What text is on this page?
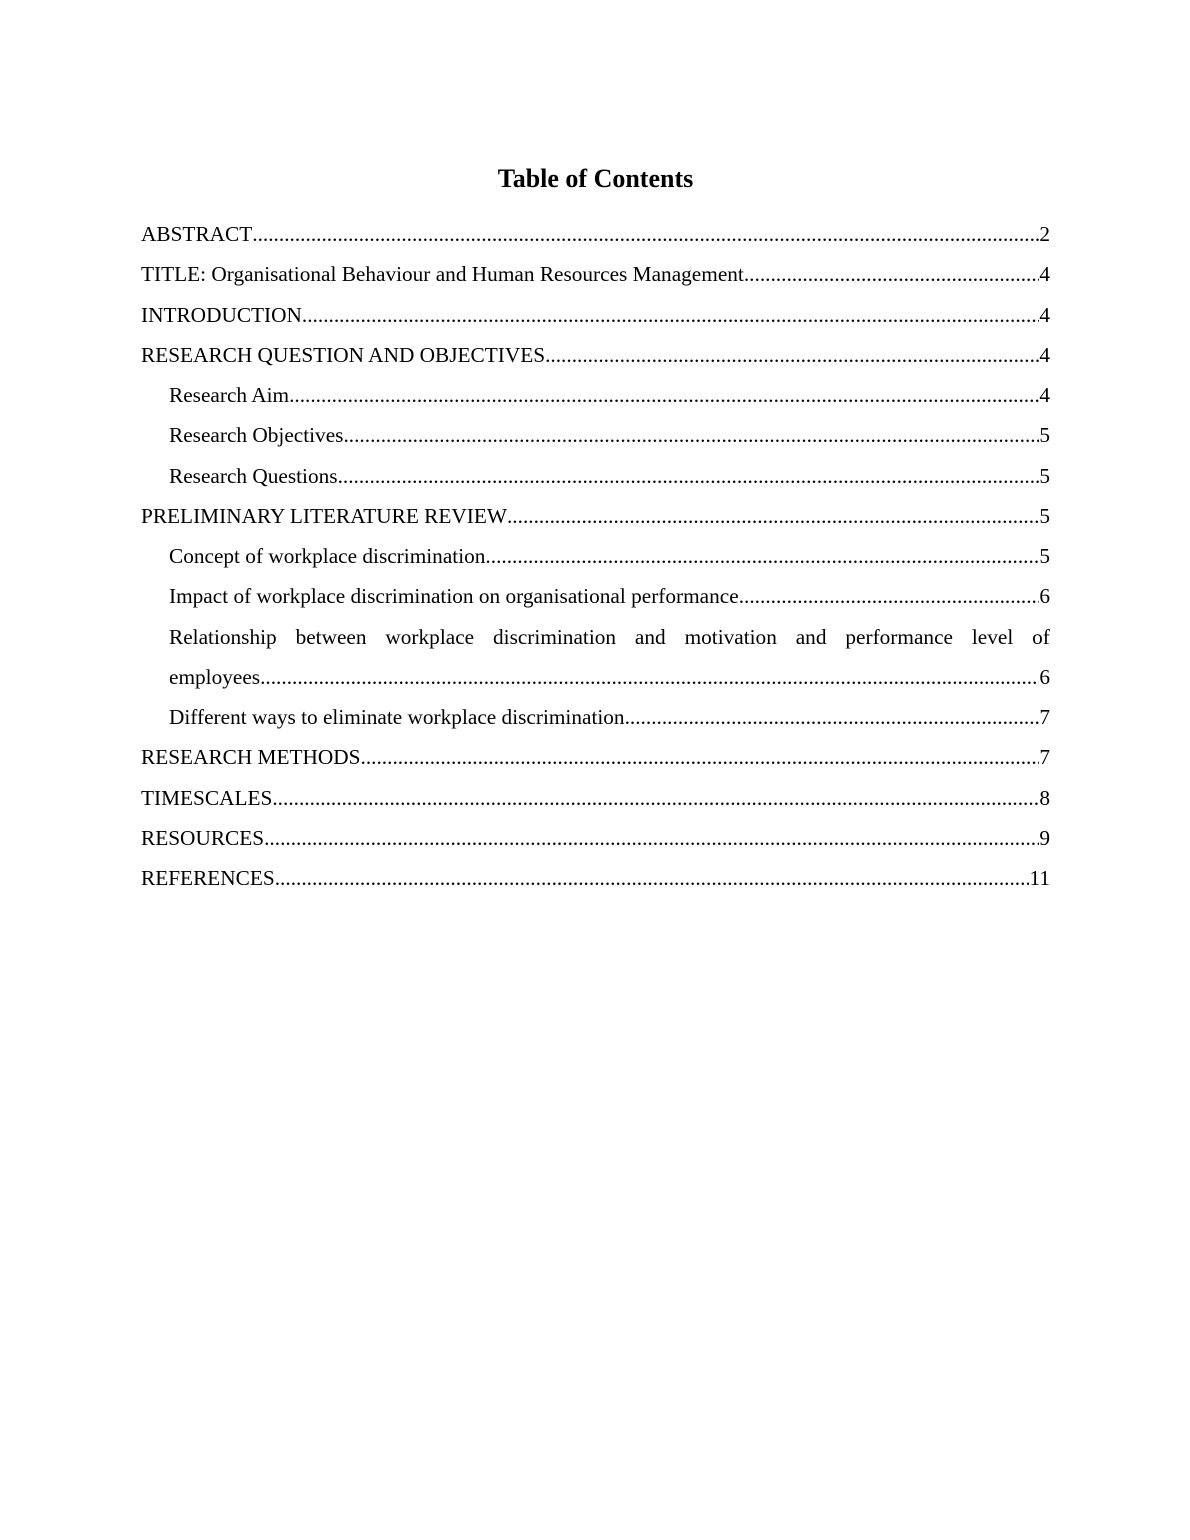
Table of Contents
ABSTRACT .....	2
TITLE: Organisational Behaviour and Human Resources Management .....	4
INTRODUCTION .....	4
RESEARCH QUESTION AND OBJECTIVES .....	4
Research Aim .....	4
Research Objectives .....	5
Research Questions .....	5
PRELIMINARY LITERATURE REVIEW .....	5
Concept of workplace discrimination .....	5
Impact of workplace discrimination on organisational performance .....	6
Relationship between workplace discrimination and motivation and performance level of
employees .....	6
Different ways to eliminate workplace discrimination .....	7
RESEARCH METHODS .....	7
TIMESCALES .....	8
RESOURCES .....	9
REFERENCES .....	11
